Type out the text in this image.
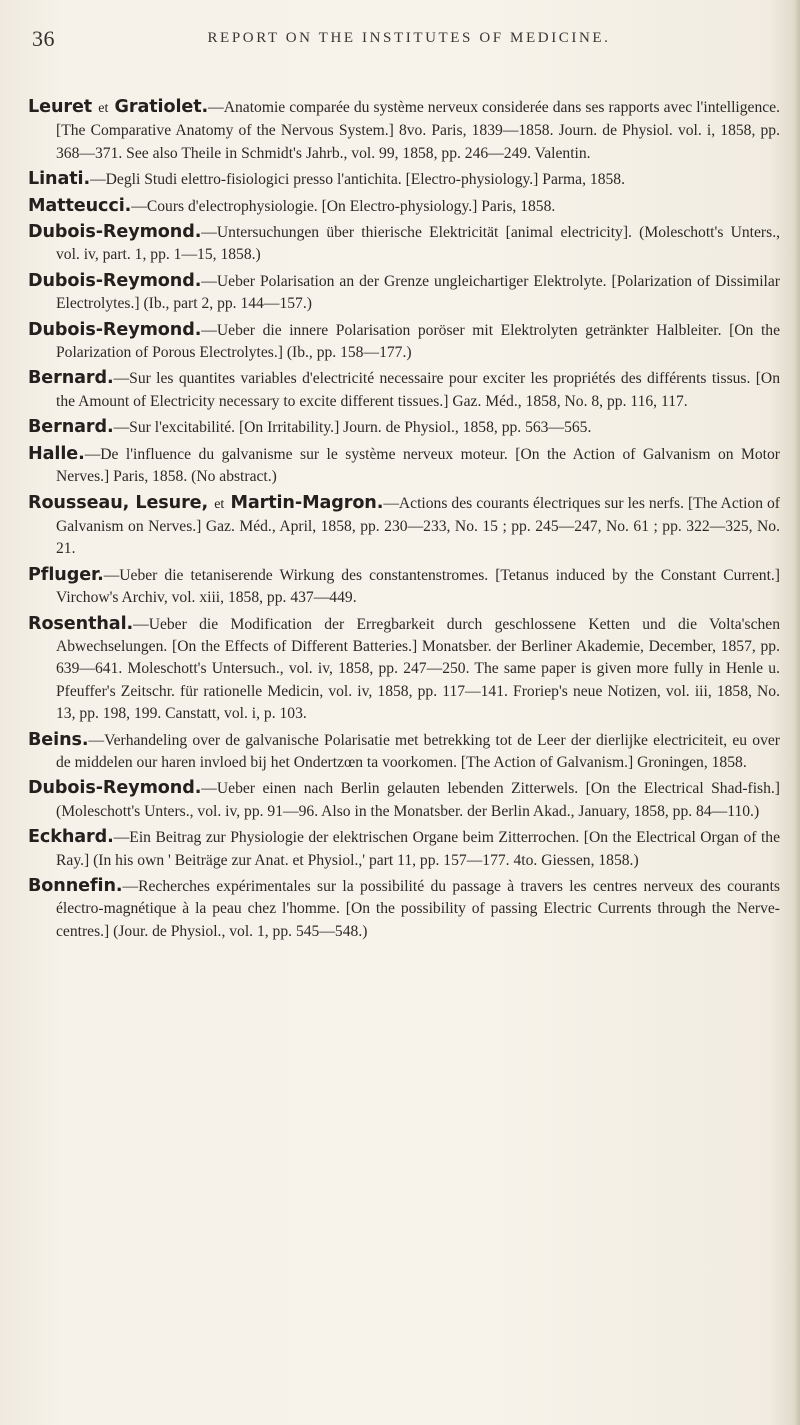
36	REPORT ON THE INSTITUTES OF MEDICINE.

Leuret et Gratiolet.—Anatomie comparée du système nerveux considerée dans ses rapports avec l'intelligence. [The Comparative Anatomy of the Nervous System.] 8vo. Paris, 1839—1858. Journ. de Physiol. vol. i, 1858, pp. 368—371. See also Theile in Schmidt's Jahrb., vol. 99, 1858, pp. 246—249. Valentin.

Linati.—Degli Studi elettro-fisiologici presso l'antichita. [Electro-physiology.] Parma, 1858.

Matteucci.—Cours d'electrophysiologie. [On Electro-physiology.] Paris, 1858.

Dubois-Reymond.—Untersuchungen über thierische Elektricität [animal electricity]. (Moleschott's Unters., vol. iv, part. 1, pp. 1—15, 1858.)

Dubois-Reymond.—Ueber Polarisation an der Grenze ungleichartiger Elektrolyte. [Polarization of Dissimilar Electrolytes.] (Ib., part 2, pp. 144—157.)

Dubois-Reymond.—Ueber die innere Polarisation poröser mit Elektrolyten getränkter Halbleiter. [On the Polarization of Porous Electrolytes.] (Ib., pp. 158—177.)

Bernard.—Sur les quantites variables d'electricité necessaire pour exciter les propriétés des différents tissus. [On the Amount of Electricity necessary to excite different tissues.] Gaz. Méd., 1858, No. 8, pp. 116, 117.

Bernard.—Sur l'excitabilité. [On Irritability.] Journ. de Physiol., 1858, pp. 563—565.

Halle.—De l'influence du galvanisme sur le système nerveux moteur. [On the Action of Galvanism on Motor Nerves.] Paris, 1858. (No abstract.)

Rousseau, Lesure, et Martin-Magron.—Actions des courants électriques sur les nerfs. [The Action of Galvanism on Nerves.] Gaz. Méd., April, 1858, pp. 230—233, No. 15 ; pp. 245—247, No. 61 ; pp. 322—325, No. 21.

Pfluger.—Ueber die tetaniserende Wirkung des constantenstromes. [Tetanus induced by the Constant Current.] Virchow's Archiv, vol. xiii, 1858, pp. 437—449.

Rosenthal.—Ueber die Modification der Erregbarkeit durch geschlossene Ketten und die Volta'schen Abwechselungen. [On the Effects of Different Batteries.] Monatsber. der Berliner Akademie, December, 1857, pp. 639—641. Moleschott's Untersuch., vol. iv, 1858, pp. 247—250. The same paper is given more fully in Henle u. Pfeuffer's Zeitschr. für rationelle Medicin, vol. iv, 1858, pp. 117—141. Froriep's neue Notizen, vol. iii, 1858, No. 13, pp. 198, 199. Canstatt, vol. i, p. 103.

Beins.—Verhandeling over de galvanische Polarisatie met betrekking tot de Leer der dierlijke electriciteit, eu over de middelen our haren invloed bij het Ondertzœn ta voorkomen. [The Action of Galvanism.] Groningen, 1858.

Dubois-Reymond.—Ueber einen nach Berlin gelauten lebenden Zitterwels. [On the Electrical Shad-fish.] (Moleschott's Unters., vol. iv, pp. 91—96. Also in the Monatsber. der Berlin Akad., January, 1858, pp. 84—110.)

Eckhard.—Ein Beitrag zur Physiologie der elektrischen Organe beim Zitterrochen. [On the Electrical Organ of the Ray.] (In his own ' Beiträge zur Anat. et Physiol.,' part 11, pp. 157—177. 4to. Giessen, 1858.)

Bonnefin.—Recherches expérimentales sur la possibilité du passage à travers les centres nerveux des courants électro-magnétique à la peau chez l'homme. [On the possibility of passing Electric Currents through the Nerve-centres.] (Jour. de Physiol., vol. 1, pp. 545—548.)
